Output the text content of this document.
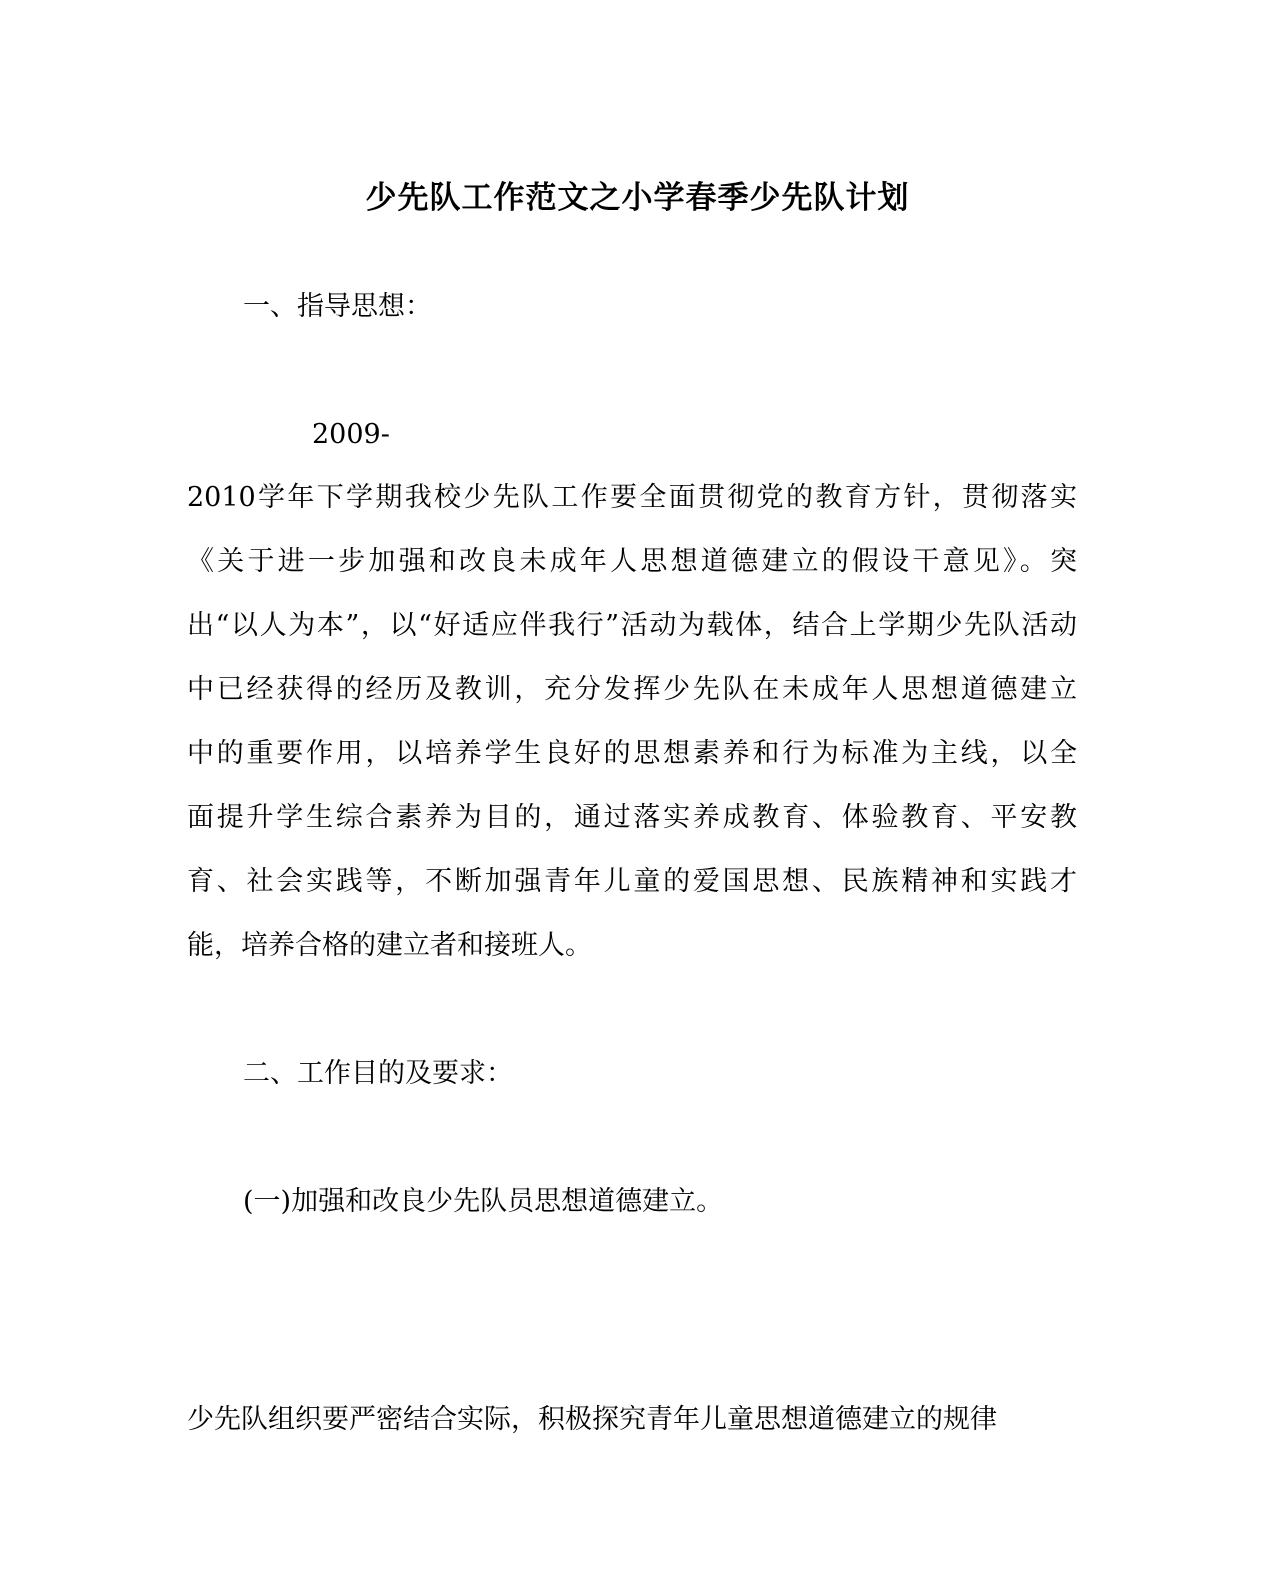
少先队工作范文之小学春季少先队计划
一、指导思想：
2009-
2010学年下学期我校少先队工作要全面贯彻党的教育方针，贯彻落实
《关于进一步加强和改良未成年人思想道德建立的假设干意见》。突
出“以人为本”，以“好适应伴我行”活动为载体，结合上学期少先队活动
中已经获得的经历及教训，充分发挥少先队在未成年人思想道德建立
中的重要作用，以培养学生良好的思想素养和行为标准为主线，以全
面提升学生综合素养为目的，通过落实养成教育、体验教育、平安教
育、社会实践等，不断加强青年儿童的爱国思想、民族精神和实践才
能，培养合格的建立者和接班人。
二、工作目的及要求：
(一)加强和改良少先队员思想道德建立。
少先队组织要严密结合实际，积极探究青年儿童思想道德建立的规律
